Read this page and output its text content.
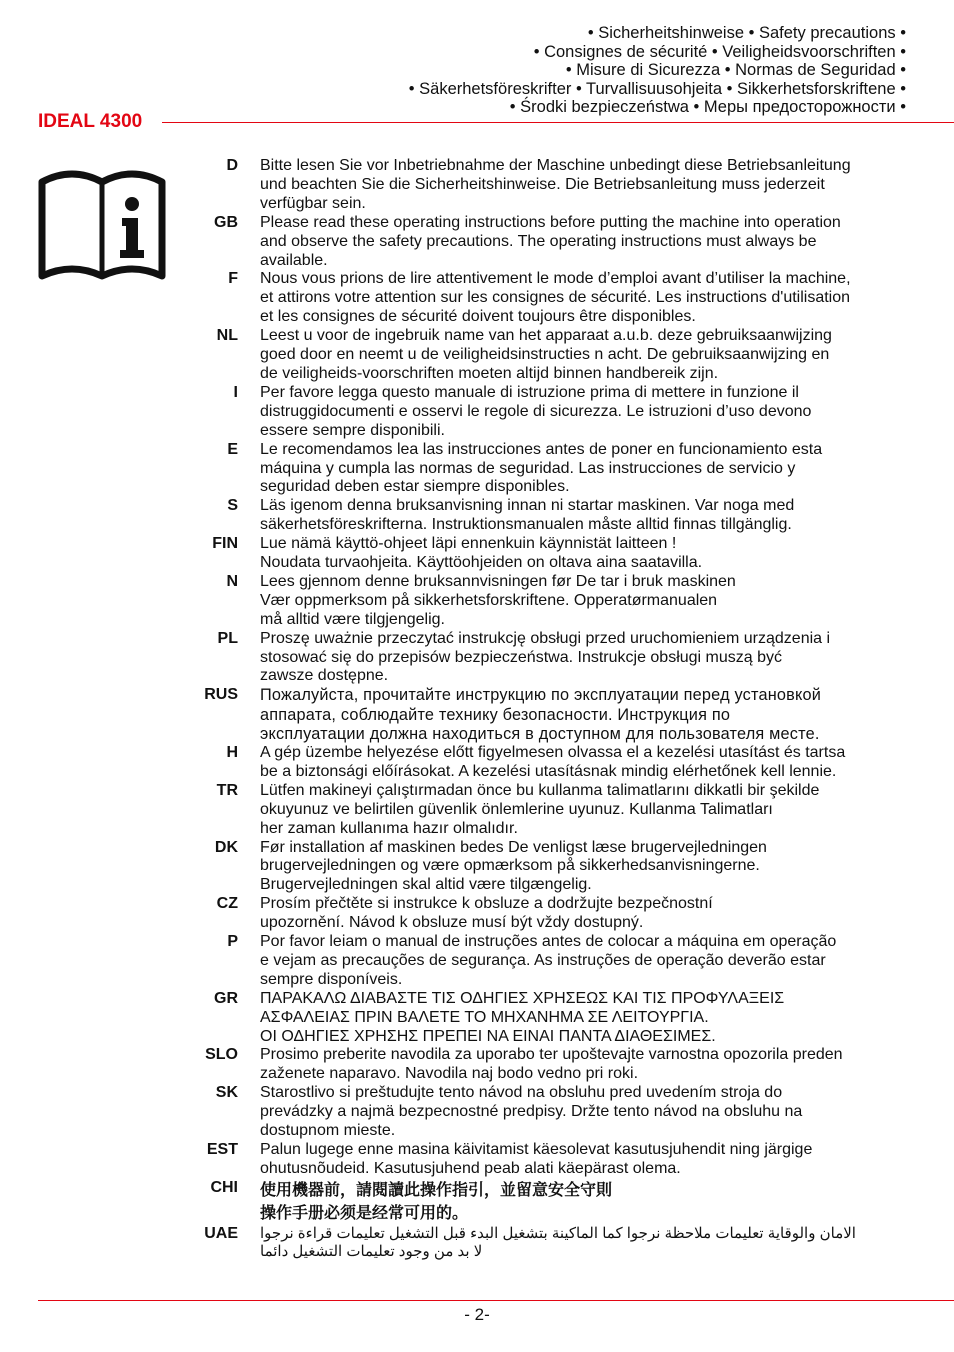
• Sicherheitshinweise • Safety precautions •
• Consignes de sécurité • Veiligheidsvoorschriften •
• Misure di Sicurezza • Normas de Seguridad •
• Säkerhetsföreskrifter • Turvallisuusohjeita • Sikkerhetsforskriftene •
• Środki bezpieczeństwa • Меры предосторожности •
IDEAL 4300
D	Bitte lesen Sie vor Inbetriebnahme der Maschine unbedingt diese Betriebsanleitung
und beachten Sie die Sicherheitshinweise. Die Betriebsanleitung muss jederzeit
verfügbar sein.
GB	Please read these operating instructions before putting the machine into operation
and observe the safety precautions. The operating instructions must always be
available.
F	Nous vous prions de lire attentivement le mode d’emploi avant d’utiliser la machine,
et attirons votre attention sur les consignes de sécurité. Les instructions d'utilisation
et les consignes de sécurité doivent toujours être disponibles.
NL	Leest u voor de ingebruik name van het apparaat a.u.b. deze gebruiksaanwijzing
goed door en neemt u de veiligheidsinstructies n acht. De gebruiksaanwijzing en
de veiligheids-voorschriften moeten altijd binnen handbereik zijn.
I	Per favore legga questo manuale di istruzione prima di mettere in funzione il
distruggidocumenti e osservi le regole di sicurezza. Le istruzioni d’uso devono
essere sempre disponibili.
E	Le recomendamos lea las instrucciones antes de poner en funcionamiento esta
máquina y cumpla las normas de seguridad. Las instrucciones de servicio y
seguridad deben estar siempre disponibles.
S	Läs igenom denna bruksanvisning innan ni startar maskinen. Var noga med
säkerhetsföreskrifterna. Instruktionsmanualen måste alltid finnas tillgänglig.
FIN	Lue nämä käyttö-ohjeet läpi ennenkuin käynnistät laitteen !
Noudata turvaohjeita. Käyttöohjeiden on oltava aina saatavilla.
N	Lees gjennom denne bruksannvisningen før De tar i bruk maskinen
Vær oppmerksom på sikkerhetsforskriftene. Opperatørmanualen
må alltid være tilgjengelig.
PL	Proszę uważnie przeczytać instrukcję obsługi przed uruchomieniem urządzenia i
stosować się do przepisów bezpieczeństwa. Instrukcje obsługi muszą być
zawsze dostępne.
RUS	Пожалуйста, прочитайте инструкцию по эксплуатации перед установкой
аппарата, соблюдайте технику безопасности. Инструкция по
эксплуатации должна находиться в доступном для пользователя месте.
H	A gép üzembe helyezése előtt figyelmesen olvassa el a kezelési utasítást és tartsa
be a biztonsági előírásokat. A kezelési utasításnak mindig elérhetőnek kell lennie.
TR	Lütfen makineyi çalıştırmadan önce bu kullanma talimatlarını dikkatli bir şekilde
okuyunuz ve belirtilen güvenlik önlemlerine uyunuz. Kullanma Talimatları
her zaman kullanıma hazır olmalıdır.
DK	Før installation af maskinen bedes De venligst læse brugervejledningen
brugervejledningen og være opmærksom på sikkerhedsanvisningerne.
Brugervejledningen skal altid være tilgængelig.
CZ	Prosím přečtěte si instrukce k obsluze a dodržujte bezpečnostní
upozornění. Návod k obsluze musí být vždy dostupný.
P	Por favor leiam o manual de instruções antes de colocar a máquina em operação
e vejam as precauções de segurança. As instruções de operação deverão estar
sempre disponíveis.
GR	ΠΑΡΑΚΑΛΩ ΔΙΑΒΑΣΤΕ ΤΙΣ ΟΔΗΓΙΕΣ ΧΡΗΣΕΩΣ ΚΑΙ ΤΙΣ ΠΡΟΦΥΛΑΞΕΙΣ
ΑΣΦΑΛΕΙΑΣ ΠΡΙΝ ΒΑΛΕΤΕ ΤΟ ΜΗΧΑΝΗΜΑ ΣΕ ΛΕΙΤΟΥΡΓΙΑ.
ΟΙ ΟΔΗΓΙΕΣ ΧΡΗΣΗΣ ΠΡΕΠΕΙ ΝΑ ΕΙΝΑΙ ΠΑΝΤΑ ΔΙΑΘΕΣΙΜΕΣ.
SLO	Prosimo preberite navodila za uporabo ter upoštevajte varnostna opozorila preden
zaženete naparavo. Navodila naj bodo vedno pri roki.
SK	Starostlivo si preštudujte tento návod na obsluhu pred uvedením stroja do
prevádzky a najmä bezpecnostné predpisy. Držte tento návod na obsluhu na
dostupnom mieste.
EST	Palun lugege enne masina käivitamist käesolevat kasutusjuhendit ning järgige
ohutusnõudeid. Kasutusjuhend peab alati käepärast olema.
CHI	使用機器前，請閱讀此操作指引，並留意安全守則
操作手册必须是经常可用的。
UAE	الامان والوقاية تعليمات ملاحظة نرجوا كما الماكينة بتشغيل البدء قبل التشغيل تعليمات قراءة نرجوا
لا بد من وجود تعليمات التشغيل دائما
- 2-
